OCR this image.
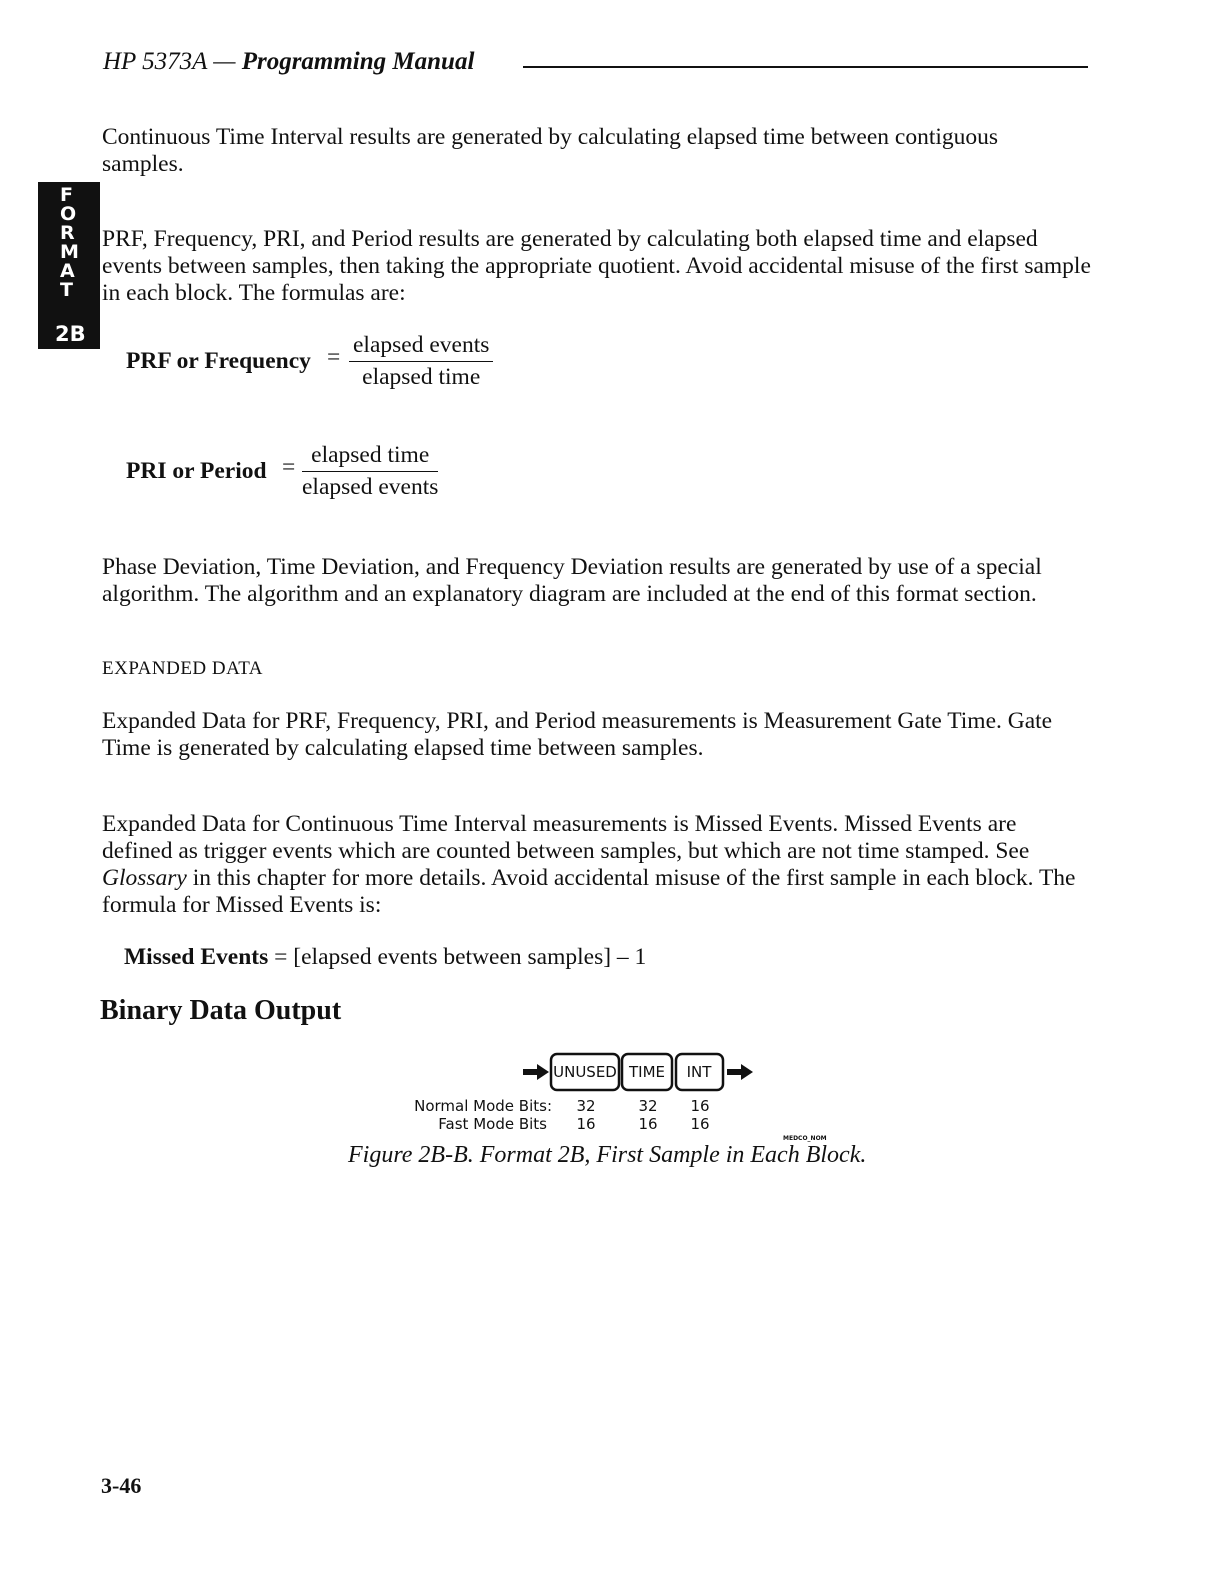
HP 5373A — Programming Manual
F
O
R
M
A
T
2B

Continuous Time Interval results are generated by calculating elapsed time between contiguous samples.

PRF, Frequency, PRI, and Period results are generated by calculating both elapsed time and elapsed events between samples, then taking the appropriate quotient. Avoid accidental misuse of the first sample in each block. The formulas are:

PRF or Frequency = elapsed events
elapsed time
PRI or Period = elapsed time
elapsed events

Phase Deviation, Time Deviation, and Frequency Deviation results are generated by use of a special algorithm. The algorithm and an explanatory diagram are included at the end of this format section.

EXPANDED DATA

Expanded Data for PRF, Frequency, PRI, and Period measurements is Measurement Gate Time. Gate Time is generated by calculating elapsed time between samples.

Expanded Data for Continuous Time Interval measurements is Missed Events. Missed Events are defined as trigger events which are counted between samples, but which are not time stamped. See Glossary in this chapter for more details. Avoid accidental misuse of the first sample in each block. The formula for Missed Events is:

Missed Events = [elapsed events between samples] – 1
Binary Data Output
UNUSED TIME INT
Normal Mode Bits: 32	32 16
Fast Mode Bits 16	16 16
MEDCO_NOM
Figure 2B-B. Format 2B, First Sample in Each Block.
3-46
